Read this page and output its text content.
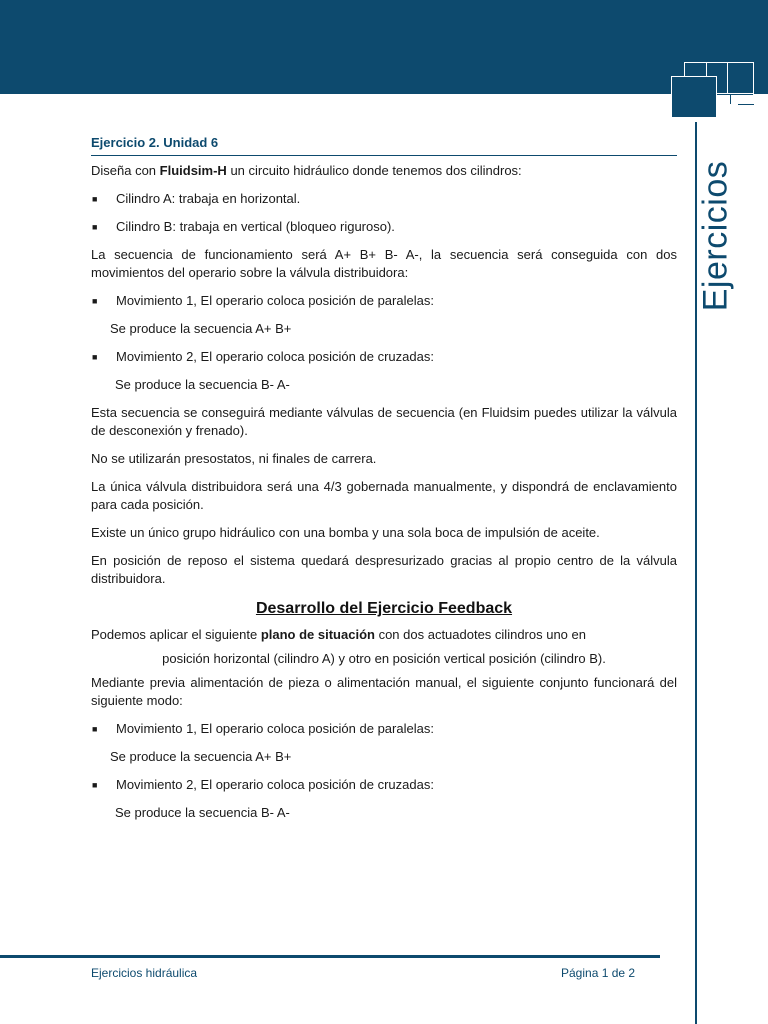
Ejercicios
Ejercicio 2. Unidad 6

Diseña con Fluidsim-H un circuito hidráulico donde tenemos dos cilindros:

■	Cilindro A: trabaja en horizontal.
■	Cilindro B: trabaja en vertical (bloqueo riguroso).

La secuencia de funcionamiento será A+ B+ B- A-, la secuencia será conseguida con dos movimientos del operario sobre la válvula distribuidora:

■	Movimiento 1, El operario coloca posición de paralelas:
Se produce la secuencia A+ B+
■	Movimiento 2, El operario coloca posición de cruzadas:
Se produce la secuencia B- A-

Esta secuencia se conseguirá mediante válvulas de secuencia (en Fluidsim puedes utilizar la válvula de desconexión y frenado).

No se utilizarán presostatos, ni finales de carrera.

La única válvula distribuidora será una 4/3 gobernada manualmente, y dispondrá de enclavamiento para cada posición.

Existe un único grupo hidráulico con una bomba y una sola boca de impulsión de aceite.

En posición de reposo el sistema quedará despresurizado gracias al propio centro de la válvula distribuidora.

Desarrollo del Ejercicio Feedback

Podemos aplicar el siguiente plano de situación con dos actuadotes cilindros uno en

posición horizontal (cilindro A) y otro en posición vertical posición (cilindro B).

Mediante previa alimentación de pieza o alimentación manual, el siguiente conjunto funcionará del siguiente modo:

■	Movimiento 1, El operario coloca posición de paralelas:
Se produce la secuencia A+ B+
■	Movimiento 2, El operario coloca posición de cruzadas:
Se produce la secuencia B- A-
Ejercicios hidráulica	Página 1 de 2
